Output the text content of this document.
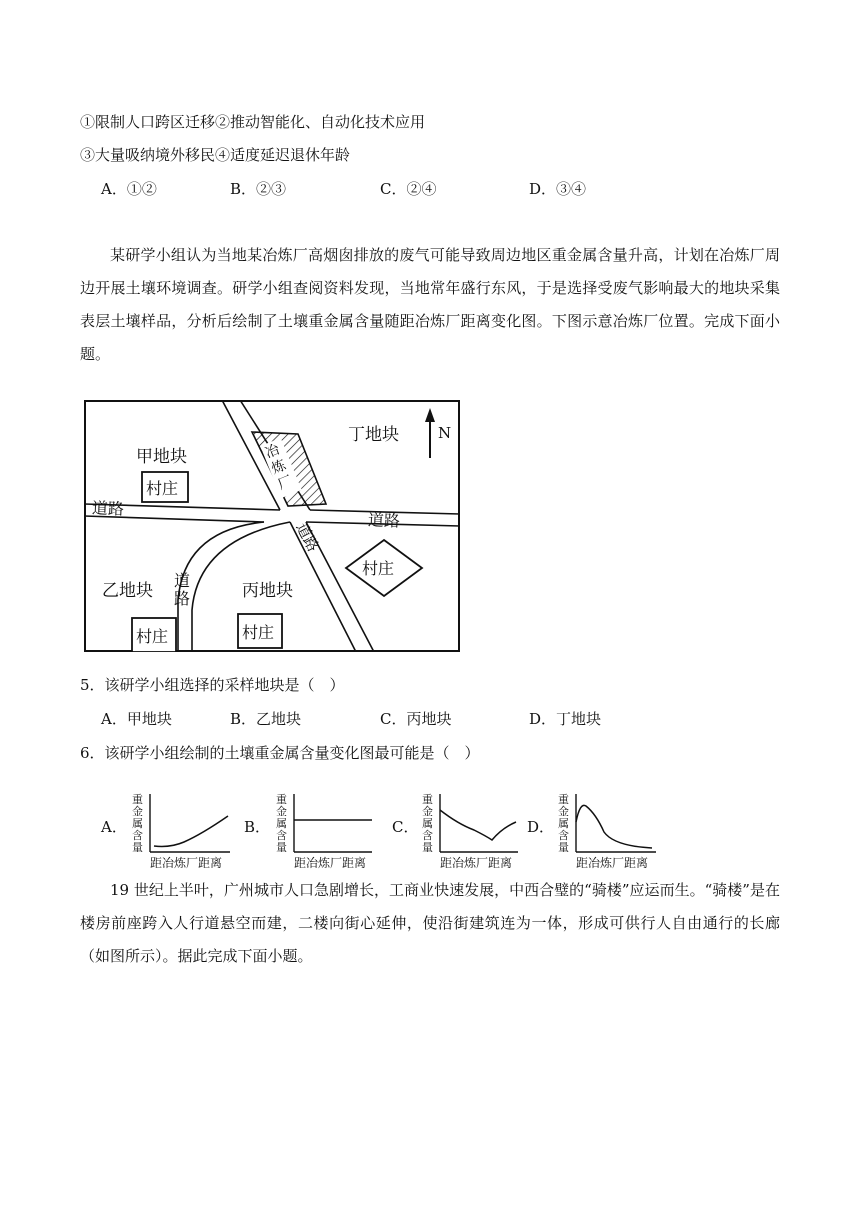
①限制人口跨区迁移②推动智能化、自动化技术应用
③大量吸纳境外移民④适度延迟退休年龄
A．①②	B．②③	C．②④	D．③④
某研学小组认为当地某冶炼厂高烟囱排放的废气可能导致周边地区重金属含量升高，计划在冶炼厂周边开展土壤环境调查。研学小组查阅资料发现，当地常年盛行东风，于是选择受废气影响最大的地块采集表层土壤样品，分析后绘制了土壤重金属含量随距冶炼厂距离变化图。下图示意冶炼厂位置。完成下面小题。
N
甲地块
丁地块
乙地块	丙地块
村庄
村庄	村庄
村庄
道路
道路
道路
道
路
冶
炼
厂
5．该研学小组选择的采样地块是（　）
A．甲地块	B．乙地块	C．丙地块	D．丁地块
6．该研学小组绘制的土壤重金属含量变化图最可能是（　）
A．	B．	C．	D．
重金属含量
距冶炼厂距离
重金属含量
距冶炼厂距离
重金属含量
距冶炼厂距离
重金属含量
距冶炼厂距离
19 世纪上半叶，广州城市人口急剧增长，工商业快速发展，中西合璧的“骑楼”应运而生。“骑楼”是在楼房前座跨入人行道悬空而建，二楼向街心延伸，使沿街建筑连为一体，形成可供行人自由通行的长廊（如图所示）。据此完成下面小题。
